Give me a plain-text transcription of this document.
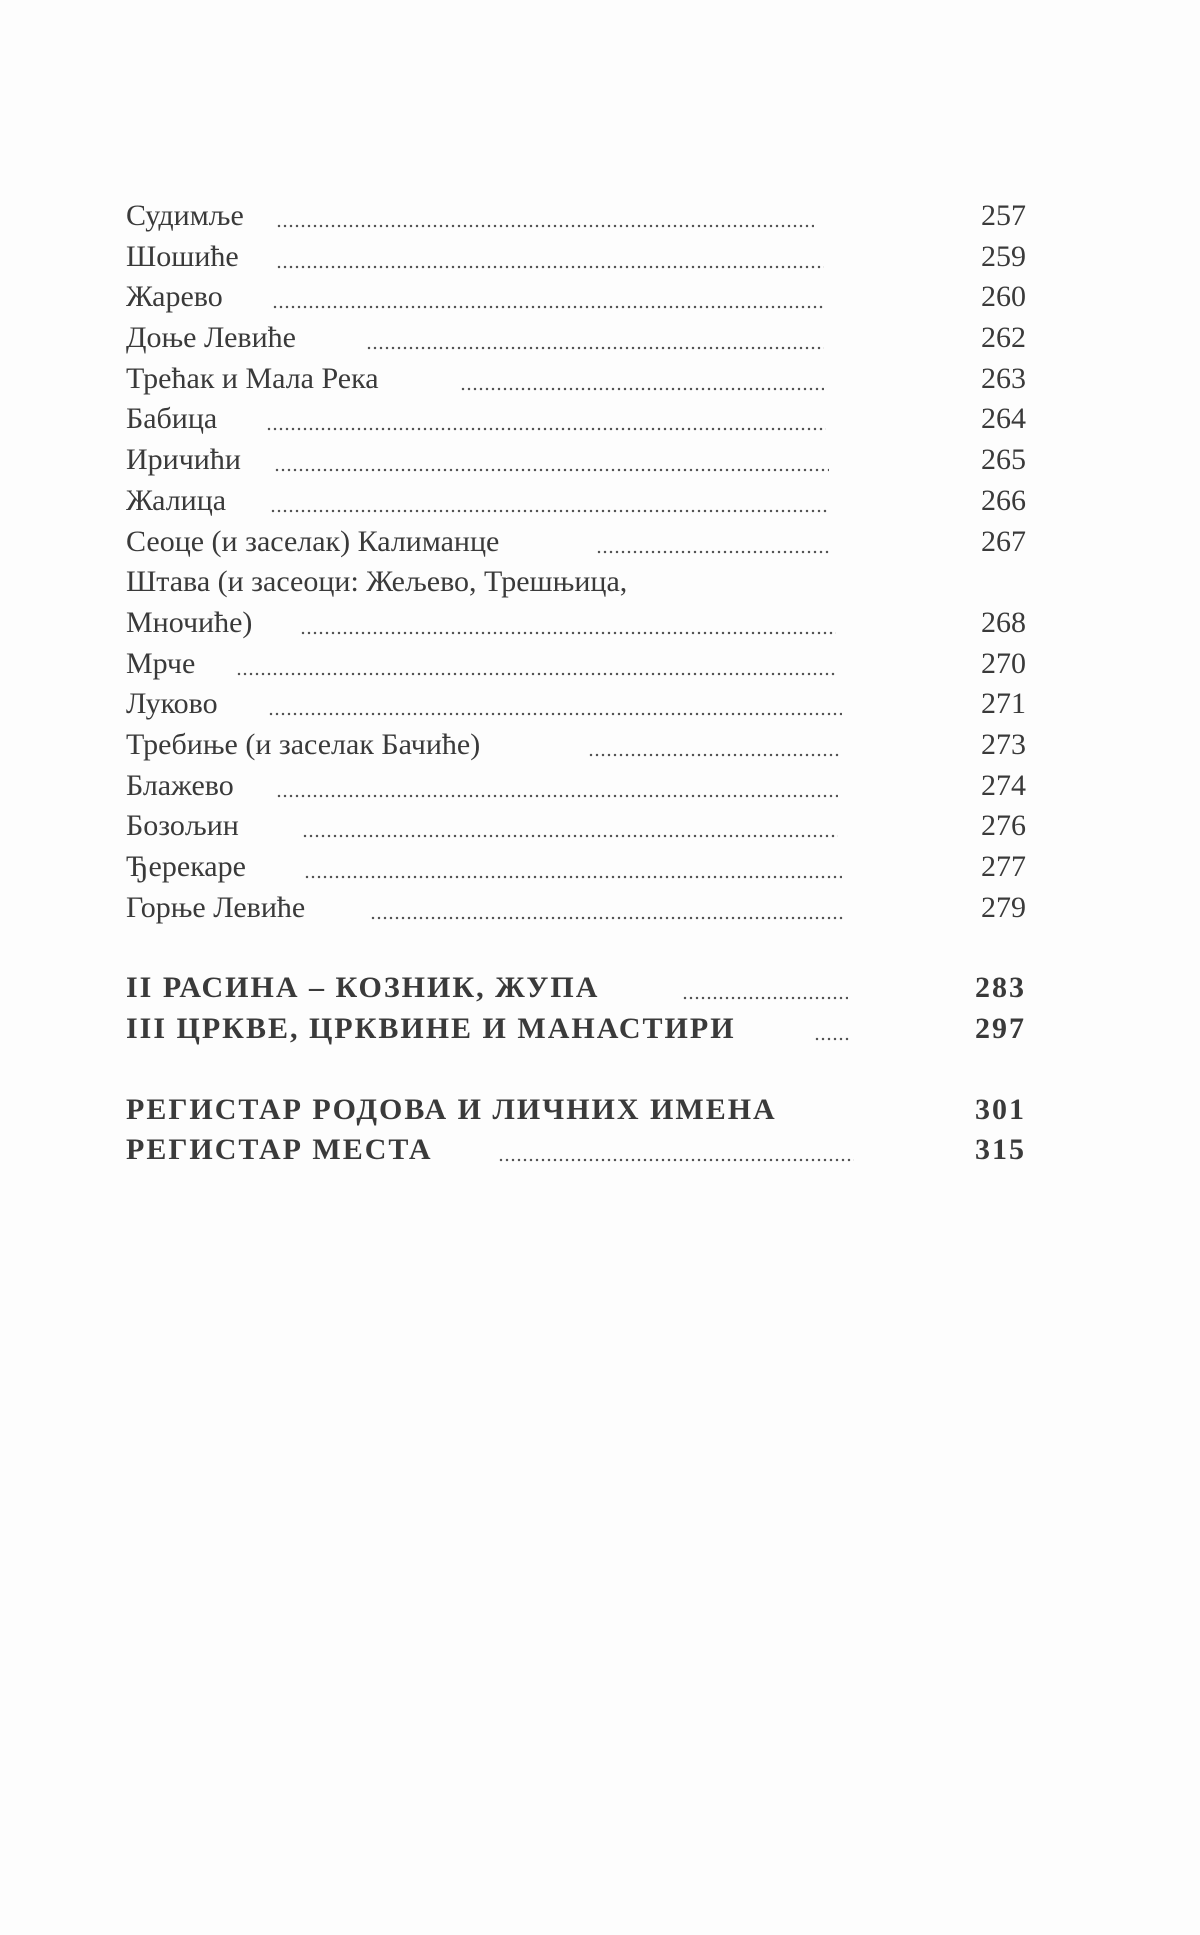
Судимље	257
Шошиће	259
Жарево	260
Доње Левиће	262
Трећак и Мала Река	263
Бабица	264
Иричићи	265
Жалица	266
Сеоце (и заселак) Калиманце	267
Штава (и засеоци: Жељево, Трешњица,
Мночиће)	268
Мрче	270
Луково	271
Требиње (и заселак Бачиће)	273
Блажево	274
Бозољин	276
Ђерекаре	277
Горње Левиће	279
II РАСИНА – КОЗНИК, ЖУПА	283
III ЦРКВЕ, ЦРКВИНЕ И МАНАСТИРИ	297
РЕГИСТАР РОДОВА И ЛИЧНИХ ИМЕНА	301
РЕГИСТАР МЕСТА	315
